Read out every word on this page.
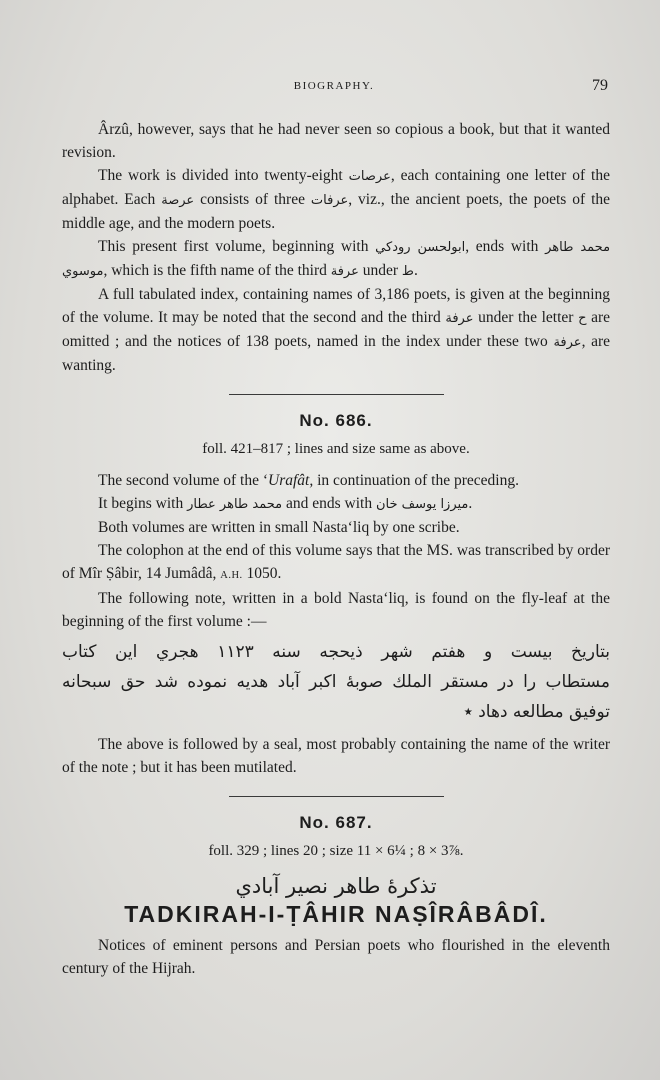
BIOGRAPHY.	79

Ârzû, however, says that he had never seen so copious a book, but that it wanted revision.

The work is divided into twenty-eight عرصات, each containing one letter of the alphabet. Each عرصة consists of three عرفات, viz., the ancient poets, the poets of the middle age, and the modern poets.

This present first volume, beginning with ابولحسن رودکي, ends with محمد طاهر موسوي, which is the fifth name of the third عرفة under ط.

A full tabulated index, containing names of 3,186 poets, is given at the beginning of the volume. It may be noted that the second and the third عرفة under the letter ح are omitted ; and the notices of 138 poets, named in the index under these two عرفة, are wanting.

No. 686.

foll. 421–817 ; lines and size same as above.

The second volume of the ‘Urafât, in continuation of the preceding.

It begins with محمد طاهر عطار and ends with ميرزا يوسف خان.

Both volumes are written in small Nasta‘liq by one scribe.

The colophon at the end of this volume says that the MS. was transcribed by order of Mîr Ṣâbir, 14 Jumâdâ, A.H. 1050.

The following note, written in a bold Nasta‘liq, is found on the fly-leaf at the beginning of the first volume :—

بتاريخ بيست و هفتم شهر ذيحجه سنه ۱۱۲۳ هجري اين كتاب

مستطاب را در مستقر الملك صوبهٔ اكبر آباد هديه نموده شد حق سبحانه

توفيق مطالعه دهاد ٭

The above is followed by a seal, most probably containing the name of the writer of the note ; but it has been mutilated.

No. 687.

foll. 329 ; lines 20 ; size 11 × 6¼ ; 8 × 3⅞.

تذكرهٔ طاهر نصير آبادي
TADKIRAH-I-ṬÂHIR NAṢÎRÂBÂDÎ.

Notices of eminent persons and Persian poets who flourished in the eleventh century of the Hijrah.
